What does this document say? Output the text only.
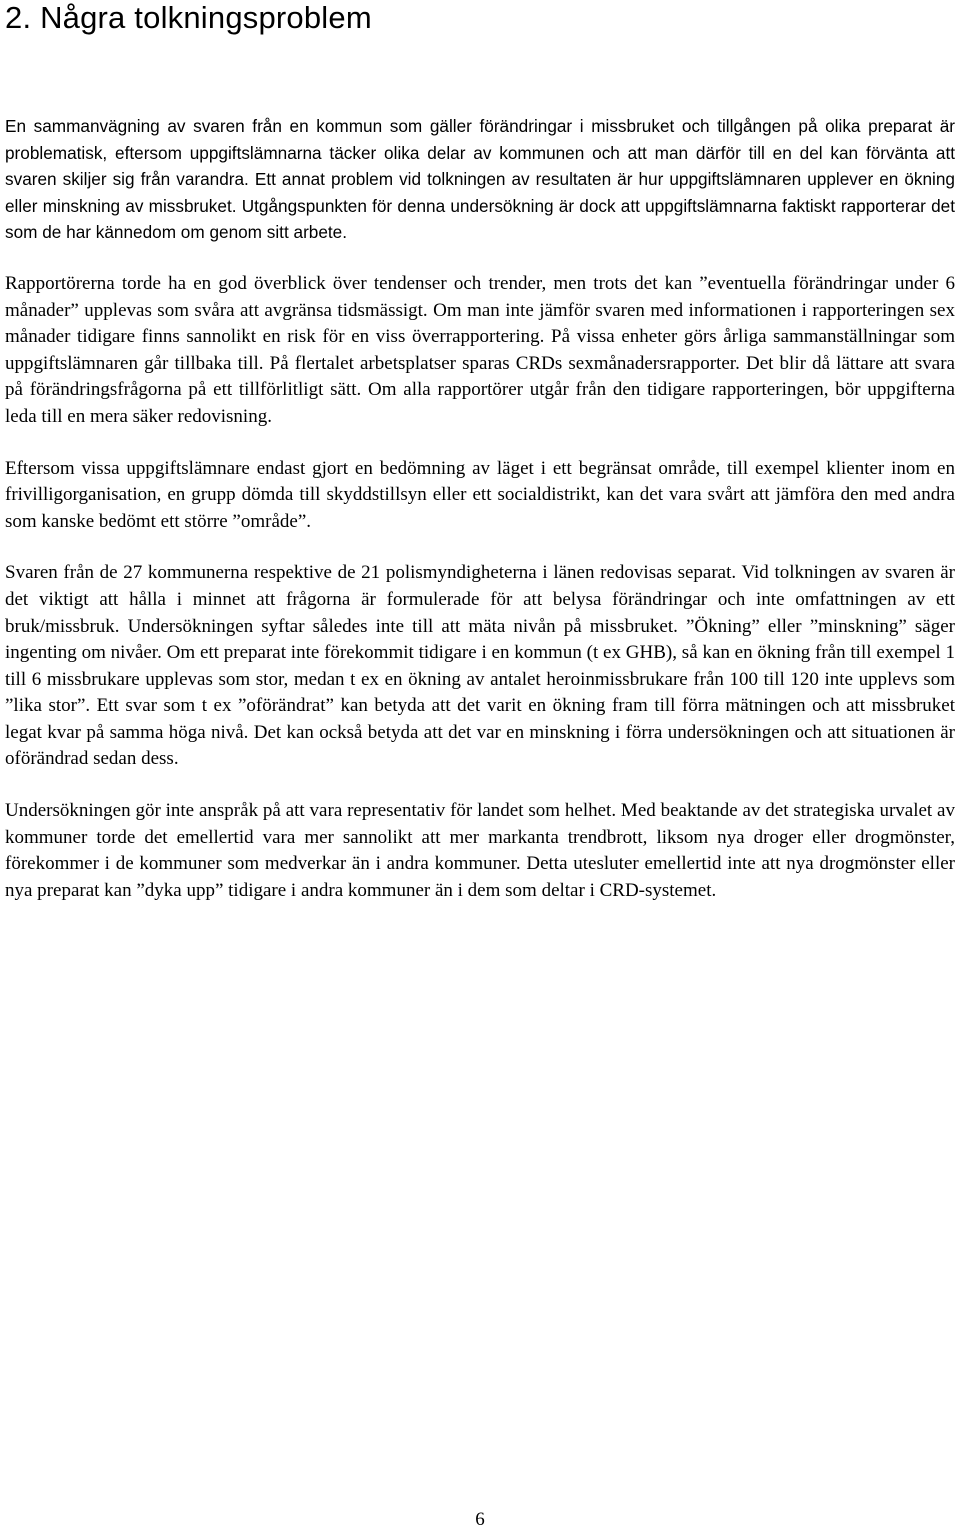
2. Några tolkningsproblem

En sammanvägning av svaren från en kommun som gäller förändringar i missbruket och tillgången på olika preparat är problematisk, eftersom uppgiftslämnarna täcker olika delar av kommunen och att man därför till en del kan förvänta att svaren skiljer sig från varandra. Ett annat problem vid tolkningen av resultaten är hur uppgiftslämnaren upplever en ökning eller minskning av missbruket. Utgångspunkten för denna undersökning är dock att uppgiftslämnarna faktiskt rapporterar det som de har kännedom om genom sitt arbete.

Rapportörerna torde ha en god överblick över tendenser och trender, men trots det kan ”eventuella förändringar under 6 månader” upplevas som svåra att avgränsa tidsmässigt. Om man inte jämför svaren med informationen i rapporteringen sex månader tidigare finns sannolikt en risk för en viss överrapportering. På vissa enheter görs årliga sammanställningar som uppgiftslämnaren går tillbaka till. På flertalet arbetsplatser sparas CRDs sexmånadersrapporter. Det blir då lättare att svara på förändringsfrågorna på ett tillförlitligt sätt. Om alla rapportörer utgår från den tidigare rapporteringen, bör uppgifterna leda till en mera säker redovisning.

Eftersom vissa uppgiftslämnare endast gjort en bedömning av läget i ett begränsat område, till exempel klienter inom en frivilligorganisation, en grupp dömda till skyddstillsyn eller ett socialdistrikt, kan det vara svårt att jämföra den med andra som kanske bedömt ett större ”område”.

Svaren från de 27 kommunerna respektive de 21 polismyndigheterna i länen redovisas separat. Vid tolkningen av svaren är det viktigt att hålla i minnet att frågorna är formulerade för att belysa förändringar och inte omfattningen av ett bruk/missbruk. Undersökningen syftar således inte till att mäta nivån på missbruket. ”Ökning” eller ”minskning” säger ingenting om nivåer. Om ett preparat inte förekommit tidigare i en kommun (t ex GHB), så kan en ökning från till exempel 1 till 6 missbrukare upplevas som stor, medan t ex en ökning av antalet heroinmissbrukare från 100 till 120 inte upplevs som ”lika stor”. Ett svar som t ex ”oförändrat” kan betyda att det varit en ökning fram till förra mätningen och att missbruket legat kvar på samma höga nivå. Det kan också betyda att det var en minskning i förra undersökningen och att situationen är oförändrad sedan dess.

Undersökningen gör inte anspråk på att vara representativ för landet som helhet. Med beaktande av det strategiska urvalet av kommuner torde det emellertid vara mer sannolikt att mer markanta trendbrott, liksom nya droger eller drogmönster, förekommer i de kommuner som medverkar än i andra kommuner. Detta utesluter emellertid inte att nya drogmönster eller nya preparat kan ”dyka upp” tidigare i andra kommuner än i dem som deltar i CRD-systemet.

6
